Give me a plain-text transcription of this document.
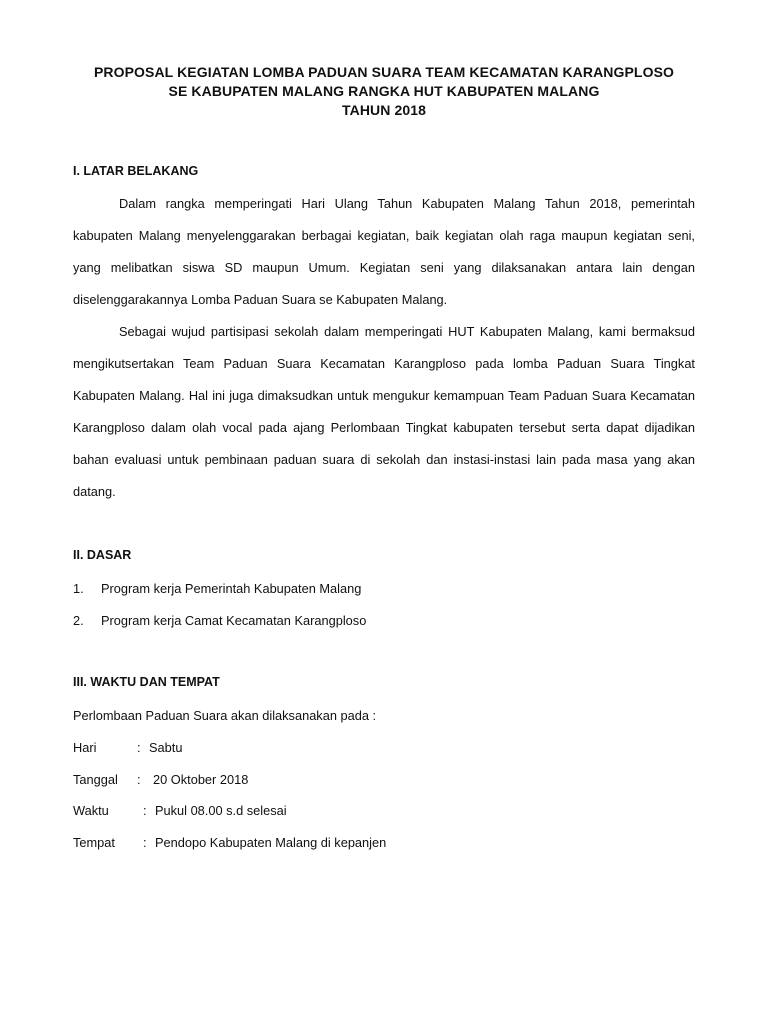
PROPOSAL KEGIATAN LOMBA PADUAN SUARA TEAM KECAMATAN KARANGPLOSO
SE KABUPATEN MALANG RANGKA HUT KABUPATEN MALANG
TAHUN 2018
I. LATAR BELAKANG
Dalam rangka memperingati Hari Ulang Tahun Kabupaten Malang Tahun 2018, pemerintah kabupaten Malang menyelenggarakan berbagai kegiatan, baik kegiatan olah raga maupun kegiatan seni, yang melibatkan siswa SD maupun Umum. Kegiatan seni yang dilaksanakan antara lain dengan diselenggarakannya Lomba Paduan Suara se Kabupaten Malang.
Sebagai wujud partisipasi sekolah dalam memperingati HUT Kabupaten Malang, kami bermaksud mengikutsertakan Team Paduan Suara Kecamatan Karangploso pada lomba Paduan Suara Tingkat Kabupaten Malang. Hal ini juga dimaksudkan untuk mengukur kemampuan Team Paduan Suara Kecamatan Karangploso dalam olah vocal pada ajang Perlombaan Tingkat kabupaten tersebut serta dapat dijadikan bahan evaluasi untuk pembinaan paduan suara di sekolah dan instasi-instasi lain pada masa yang akan datang.
II. DASAR
1. Program kerja Pemerintah Kabupaten Malang
2. Program kerja Camat Kecamatan Karangploso
III. WAKTU DAN TEMPAT
Perlombaan Paduan Suara akan dilaksanakan pada :
Hari	: Sabtu
Tanggal : 20 Oktober 2018
Waktu	: Pukul 08.00 s.d selesai
Tempat : Pendopo Kabupaten Malang di kepanjen
